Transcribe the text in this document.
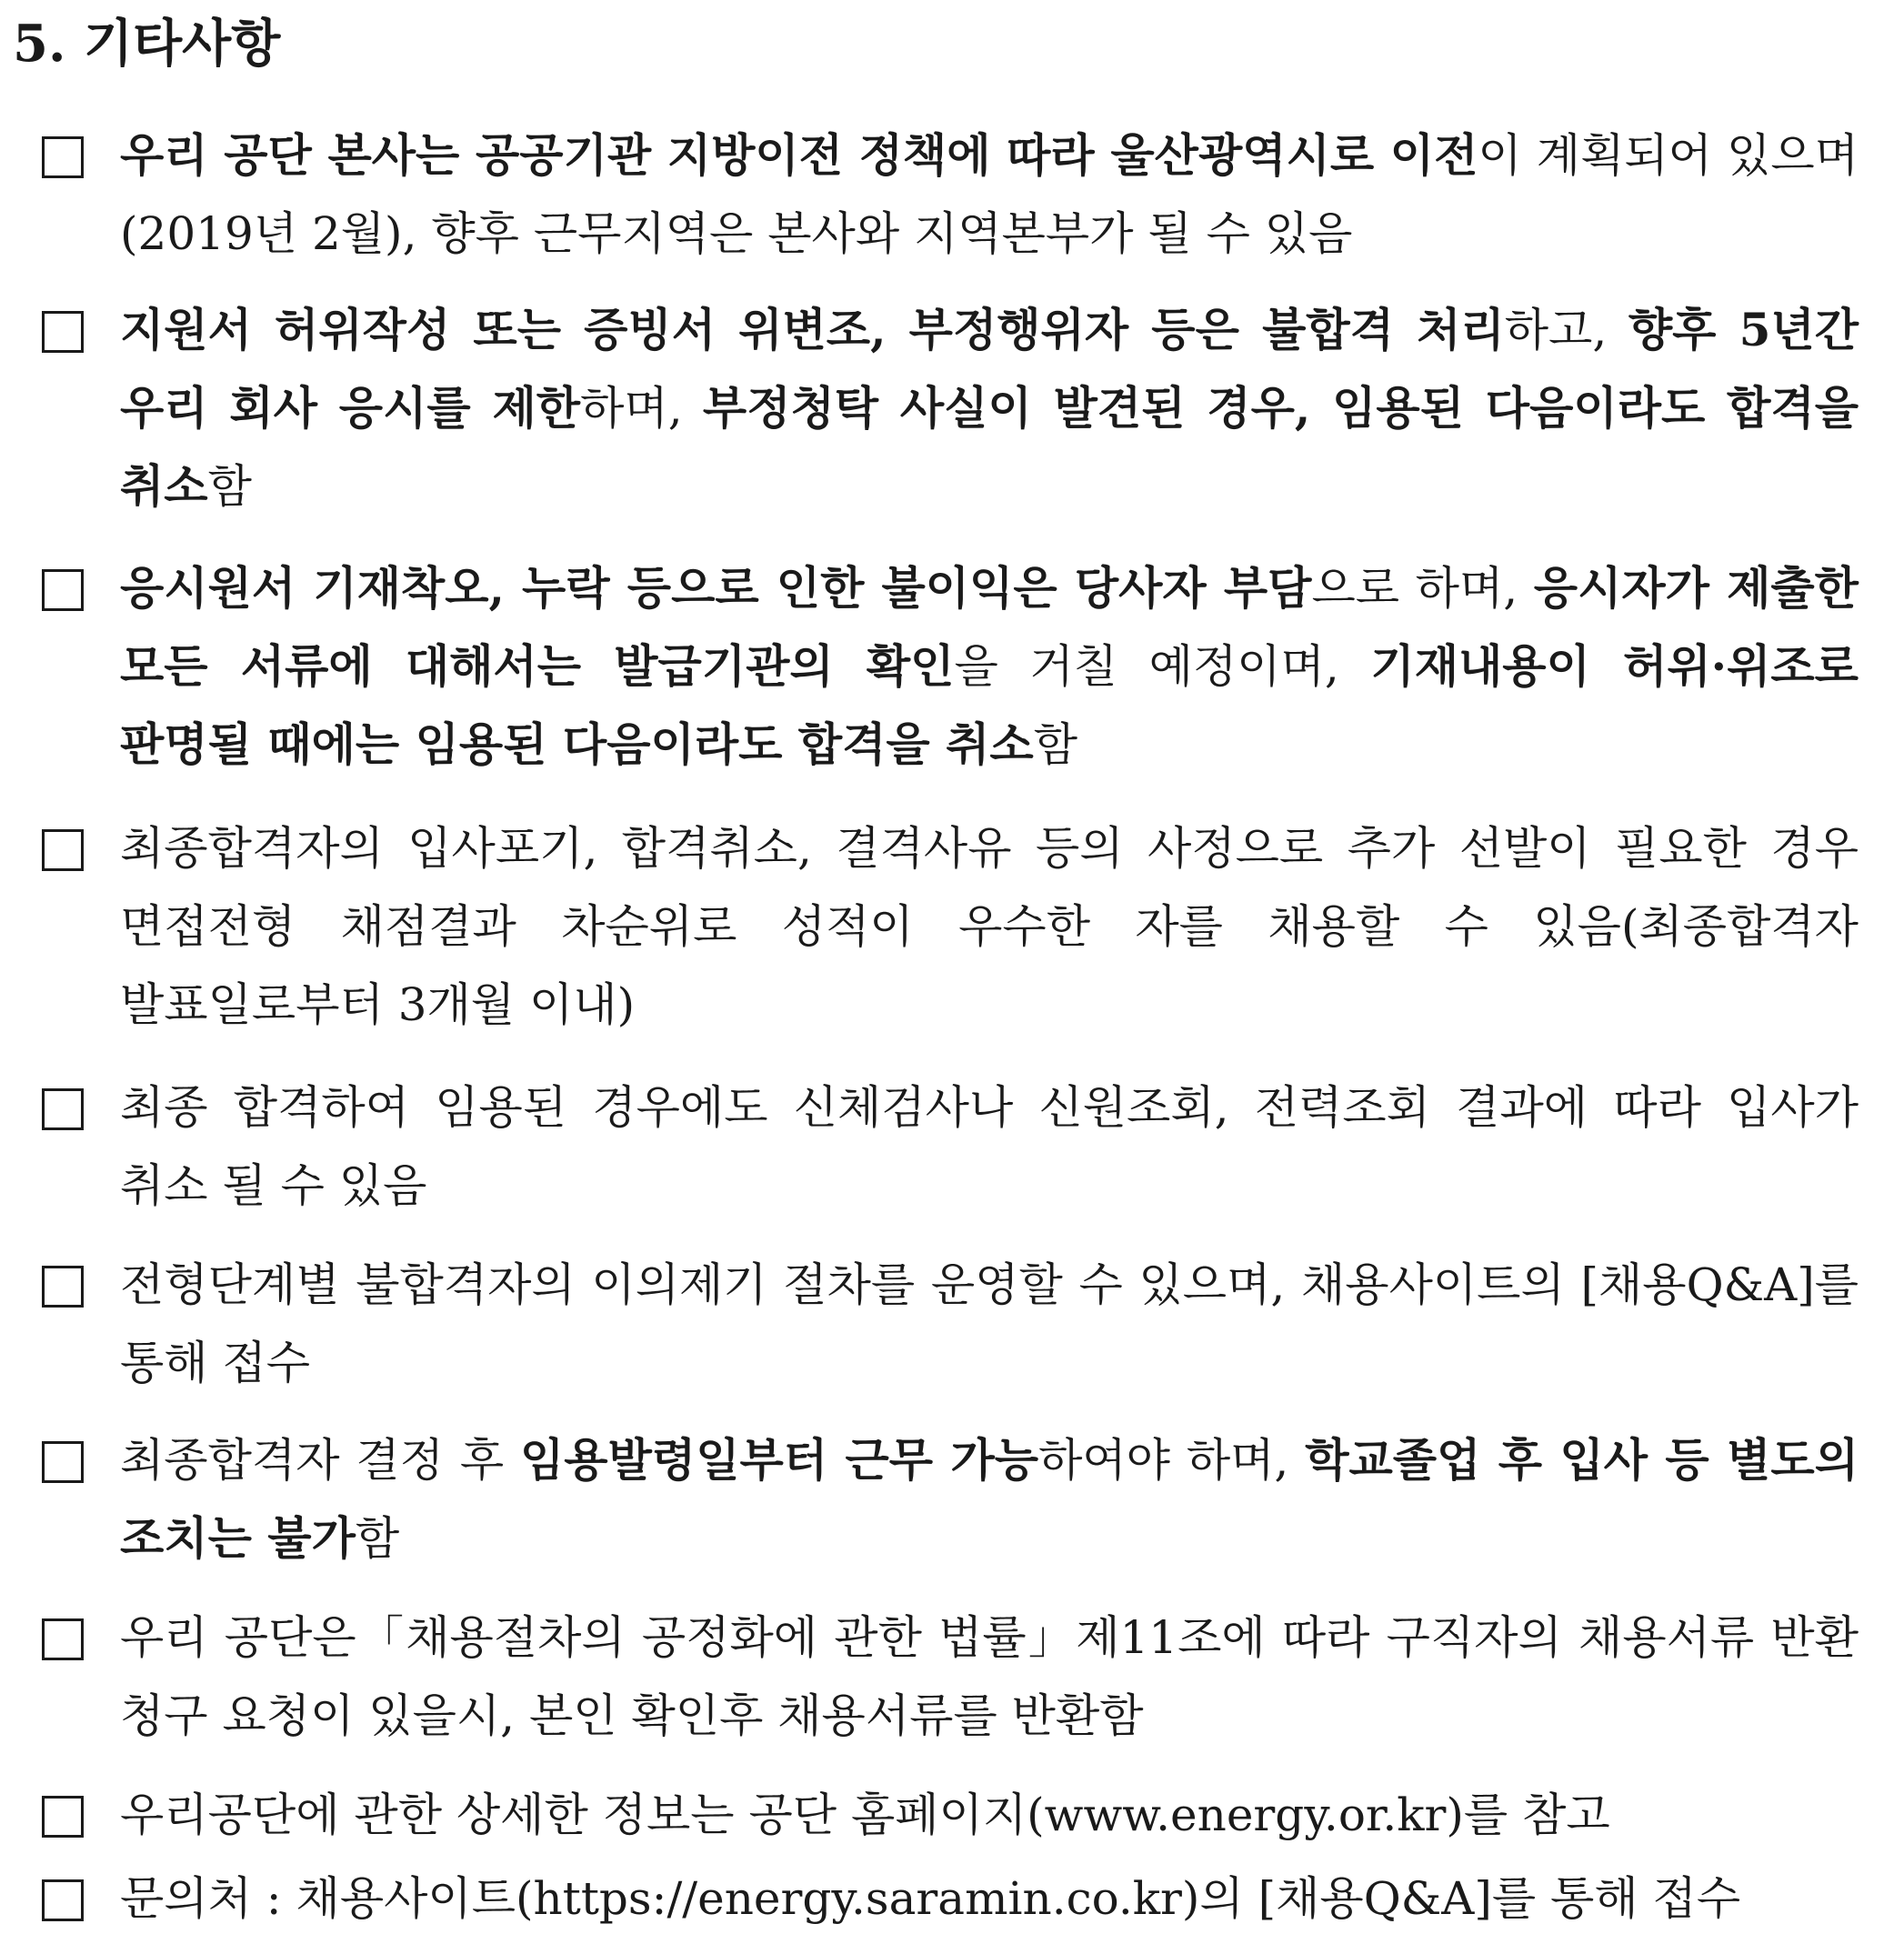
5. 기타사항
우리 공단 본사는 공공기관 지방이전 정책에 따라 울산광역시로 이전이 계획되어 있으며(2019년 2월), 향후 근무지역은 본사와 지역본부가 될 수 있음
지원서 허위작성 또는 증빙서 위변조, 부정행위자 등은 불합격 처리하고, 향후 5년간 우리 회사 응시를 제한하며, 부정청탁 사실이 발견된 경우, 임용된 다음이라도 합격을 취소함
응시원서 기재착오, 누락 등으로 인한 불이익은 당사자 부담으로 하며, 응시자가 제출한 모든 서류에 대해서는 발급기관의 확인을 거칠 예정이며, 기재내용이 허위·위조로 판명될 때에는 임용된 다음이라도 합격을 취소함
최종합격자의 입사포기, 합격취소, 결격사유 등의 사정으로 추가 선발이 필요한 경우 면접전형 채점결과 차순위로 성적이 우수한 자를 채용할 수 있음(최종합격자 발표일로부터 3개월 이내)
최종 합격하여 임용된 경우에도 신체검사나 신원조회, 전력조회 결과에 따라 입사가 취소 될 수 있음
전형단계별 불합격자의 이의제기 절차를 운영할 수 있으며, 채용사이트의 [채용Q&A]를 통해 접수
최종합격자 결정 후 임용발령일부터 근무 가능하여야 하며, 학교졸업 후 입사 등 별도의 조치는 불가함
우리 공단은「채용절차의 공정화에 관한 법률」제11조에 따라 구직자의 채용서류 반환 청구 요청이 있을시, 본인 확인후 채용서류를 반환함
우리공단에 관한 상세한 정보는 공단 홈페이지(www.energy.or.kr)를 참고
문의처 : 채용사이트(https://energy.saramin.co.kr)의 [채용Q&A]를 통해 접수
